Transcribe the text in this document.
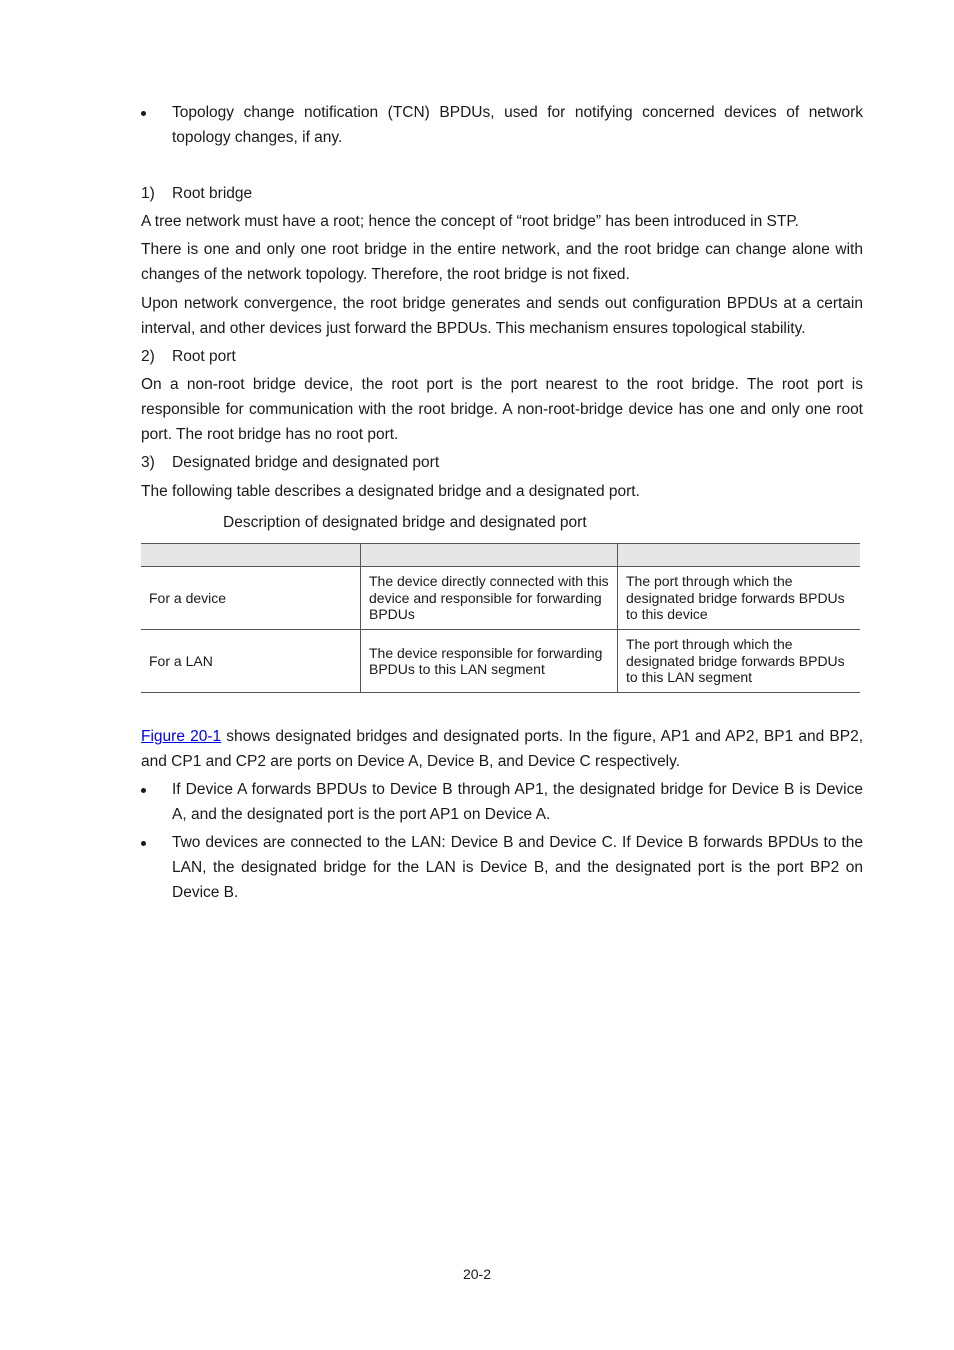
Topology change notification (TCN) BPDUs, used for notifying concerned devices of network topology changes, if any.
1) Root bridge

A tree network must have a root; hence the concept of “root bridge” has been introduced in STP.

There is one and only one root bridge in the entire network, and the root bridge can change alone with changes of the network topology. Therefore, the root bridge is not fixed.

Upon network convergence, the root bridge generates and sends out configuration BPDUs at a certain interval, and other devices just forward the BPDUs. This mechanism ensures topological stability.

2) Root port

On a non-root bridge device, the root port is the port nearest to the root bridge. The root port is responsible for communication with the root bridge. A non-root-bridge device has one and only one root port. The root bridge has no root port.

3) Designated bridge and designated port

The following table describes a designated bridge and a designated port.

Description of designated bridge and designated port

For a device	The device directly connected with this device and responsible for forwarding BPDUs	The port through which the designated bridge forwards BPDUs to this device
For a LAN	The device responsible for forwarding BPDUs to this LAN segment	The port through which the designated bridge forwards BPDUs to this LAN segment

Figure 20-1 shows designated bridges and designated ports. In the figure, AP1 and AP2, BP1 and BP2, and CP1 and CP2 are ports on Device A, Device B, and Device C respectively.

If Device A forwards BPDUs to Device B through AP1, the designated bridge for Device B is Device A, and the designated port is the port AP1 on Device A.
Two devices are connected to the LAN: Device B and Device C. If Device B forwards BPDUs to the LAN, the designated bridge for the LAN is Device B, and the designated port is the port BP2 on Device B.
20-2
